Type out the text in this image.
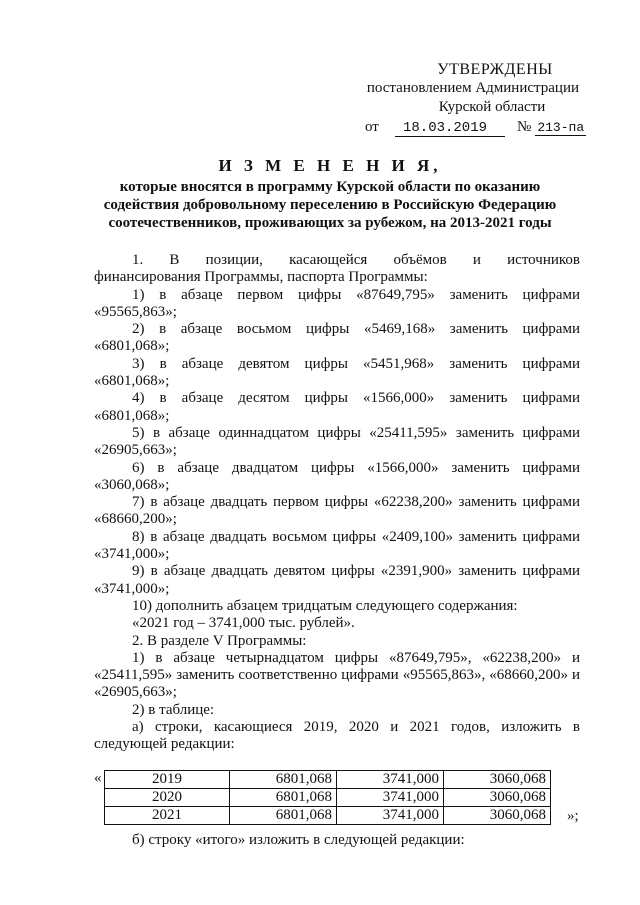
УТВЕРЖДЕНЫ
постановлением Администрации
Курской области
от	18.03.2019	№ 213-па
И З М Е Н Е Н И Я,
которые вносятся в программу Курской области по оказанию
содействия добровольному переселению в Российскую Федерацию
соотечественников, проживающих за рубежом, на 2013-2021 годы
1. В позиции, касающейся объёмов и источников
финансирования Программы, паспорта Программы:
1) в абзаце первом цифры «87649,795» заменить цифрами
«95565,863»;
2) в абзаце восьмом цифры «5469,168» заменить цифрами
«6801,068»;
3) в абзаце девятом цифры «5451,968» заменить цифрами
«6801,068»;
4) в абзаце десятом цифры «1566,000» заменить цифрами
«6801,068»;
5) в абзаце одиннадцатом цифры «25411,595» заменить цифрами
«26905,663»;
6) в абзаце двадцатом цифры «1566,000» заменить цифрами
«3060,068»;
7) в абзаце двадцать первом цифры «62238,200» заменить цифрами
«68660,200»;
8) в абзаце двадцать восьмом цифры «2409,100» заменить цифрами
«3741,000»;
9) в абзаце двадцать девятом цифры «2391,900» заменить цифрами
«3741,000»;
10) дополнить абзацем тридцатым следующего содержания:
«2021 год – 3741,000 тыс. рублей».
2. В разделе V Программы:
1) в абзаце четырнадцатом цифры «87649,795», «62238,200» и
«25411,595» заменить соответственно цифрами «95565,863», «68660,200» и
«26905,663»;
2) в таблице:
а) строки, касающиеся 2019, 2020 и 2021 годов, изложить в
следующей редакции:
«	2019	6801,068	3741,000	3060,068
2020	6801,068	3741,000	3060,068
2021	6801,068	3741,000	3060,068 »;
б) строку «итого» изложить в следующей редакции:
